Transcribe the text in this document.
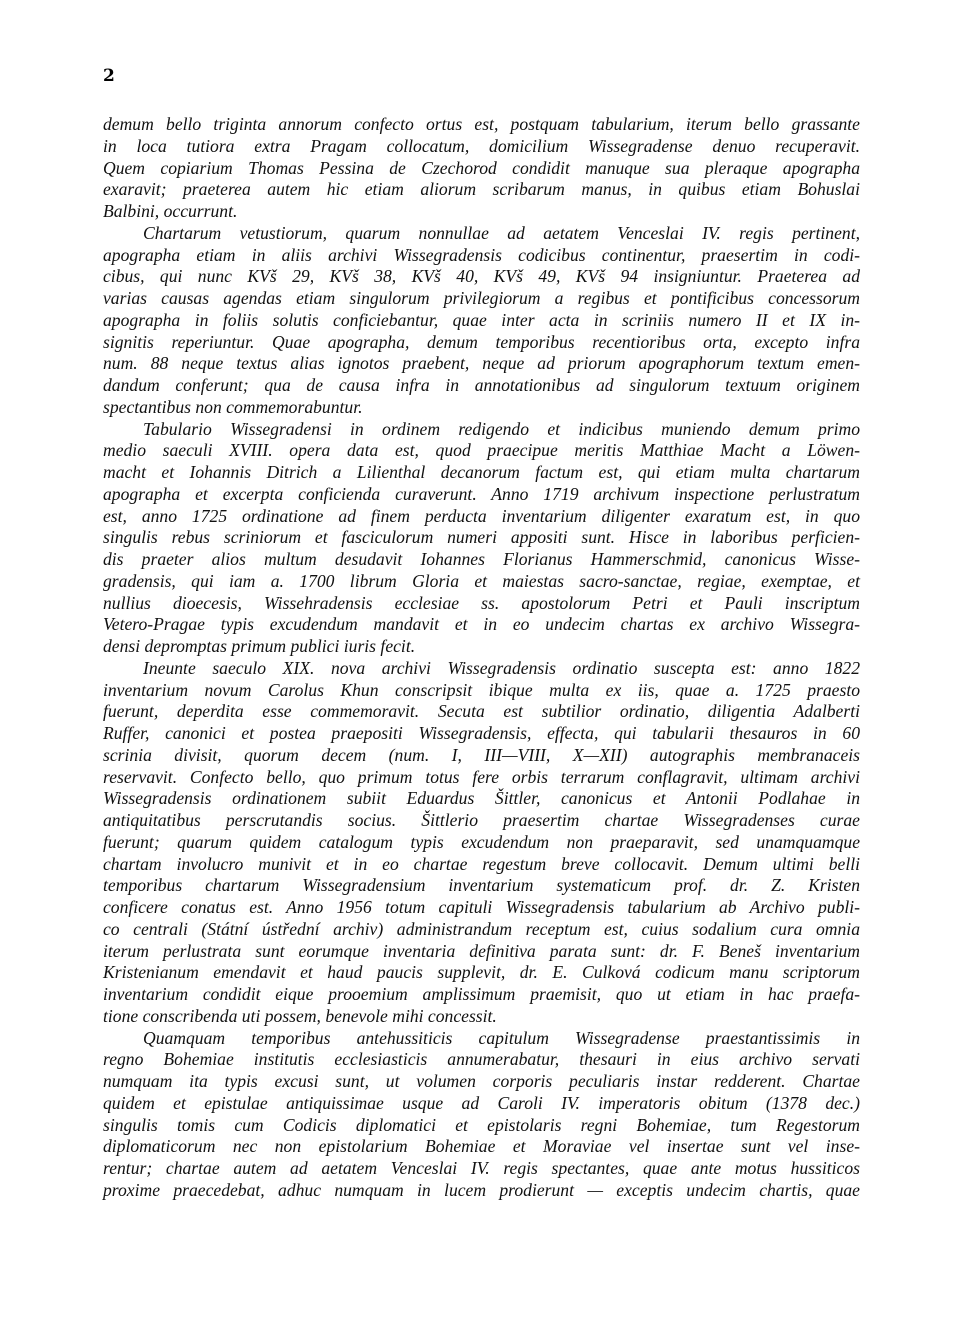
2
demum bello triginta annorum confecto ortus est, postquam tabularium, iterum bello grassante
in loca tutiora extra Pragam collocatum, domicilium Wissegradense denuo recuperavit.
Quem copiarium Thomas Pessina de Czechorod condidit manuque sua pleraque apographa
exaravit; praeterea autem hic etiam aliorum scribarum manus, in quibus etiam Bohuslai
Balbini, occurrunt.
Chartarum vetustiorum, quarum nonnullae ad aetatem Venceslai IV. regis pertinent,
apographa etiam in aliis archivi Wissegradensis codicibus continentur, praesertim in codi-
cibus, qui nunc KVš 29, KVš 38, KVš 40, KVš 49, KVš 94 insigniuntur. Praeterea ad
varias causas agendas etiam singulorum privilegiorum a regibus et pontificibus concessorum
apographa in foliis solutis conficiebantur, quae inter acta in scriniis numero II et IX in-
signitis reperiuntur. Quae apographa, demum temporibus recentioribus orta, excepto infra
num. 88 neque textus alias ignotos praebent, neque ad priorum apographorum textum emen-
dandum conferunt; qua de causa infra in annotationibus ad singulorum textuum originem
spectantibus non commemorabuntur.
Tabulario Wissegradensi in ordinem redigendo et indicibus muniendo demum primo
medio saeculi XVIII. opera data est, quod praecipue meritis Matthiae Macht a Löwen-
macht et Iohannis Ditrich a Lilienthal decanorum factum est, qui etiam multa chartarum
apographa et excerpta conficienda curaverunt. Anno 1719 archivum inspectione perlustratum
est, anno 1725 ordinatione ad finem perducta inventarium diligenter exaratum est, in quo
singulis rebus scriniorum et fasciculorum numeri appositi sunt. Hisce in laboribus perficien-
dis praeter alios multum desudavit Iohannes Florianus Hammerschmid, canonicus Wisse-
gradensis, qui iam a. 1700 librum Gloria et maiestas sacro-sanctae, regiae, exemptae, et
nullius dioecesis, Wissehradensis ecclesiae ss. apostolorum Petri et Pauli inscriptum
Vetero-Pragae typis excudendum mandavit et in eo undecim chartas ex archivo Wissegra-
densi depromptas primum publici iuris fecit.
Ineunte saeculo XIX. nova archivi Wissegradensis ordinatio suscepta est: anno 1822
inventarium novum Carolus Khun conscripsit ibique multa ex iis, quae a. 1725 praesto
fuerunt, deperdita esse commemoravit. Secuta est subtilior ordinatio, diligentia Adalberti
Ruffer, canonici et postea praepositi Wissegradensis, effecta, qui tabularii thesauros in 60
scrinia divisit, quorum decem (num. I, III—VIII, X—XII) autographis membranaceis
reservavit. Confecto bello, quo primum totus fere orbis terrarum conflagravit, ultimam archivi
Wissegradensis ordinationem subiit Eduardus Šittler, canonicus et Antonii Podlahae in
antiquitatibus perscrutandis socius. Šittlerio praesertim chartae Wissegradenses curae
fuerunt; quarum quidem catalogum typis excudendum non praeparavit, sed unamquamque
chartam involucro munivit et in eo chartae regestum breve collocavit. Demum ultimi belli
temporibus chartarum Wissegradensium inventarium systematicum prof. dr. Z. Kristen
conficere conatus est. Anno 1956 totum capituli Wissegradensis tabularium ab Archivo publi-
co centrali (Státní ústřední archiv) administrandum receptum est, cuius sodalium cura omnia
iterum perlustrata sunt eorumque inventaria definitiva parata sunt: dr. F. Beneš inventarium
Kristenianum emendavit et haud paucis supplevit, dr. E. Culková codicum manu scriptorum
inventarium condidit eique prooemium amplissimum praemisit, quo ut etiam in hac praefa-
tione conscribenda uti possem, benevole mihi concessit.
Quamquam temporibus antehussiticis capitulum Wissegradense praestantissimis in
regno Bohemiae institutis ecclesiasticis annumerabatur, thesauri in eius archivo servati
numquam ita typis excusi sunt, ut volumen corporis peculiaris instar redderent. Chartae
quidem et epistulae antiquissimae usque ad Caroli IV. imperatoris obitum (1378 dec.)
singulis tomis cum Codicis diplomatici et epistolaris regni Bohemiae, tum Regestorum
diplomaticorum nec non epistolarium Bohemiae et Moraviae vel insertae sunt vel inse-
rentur; chartae autem ad aetatem Venceslai IV. regis spectantes, quae ante motus hussiticos
proxime praecedebat, adhuc numquam in lucem prodierunt — exceptis undecim chartis, quae
